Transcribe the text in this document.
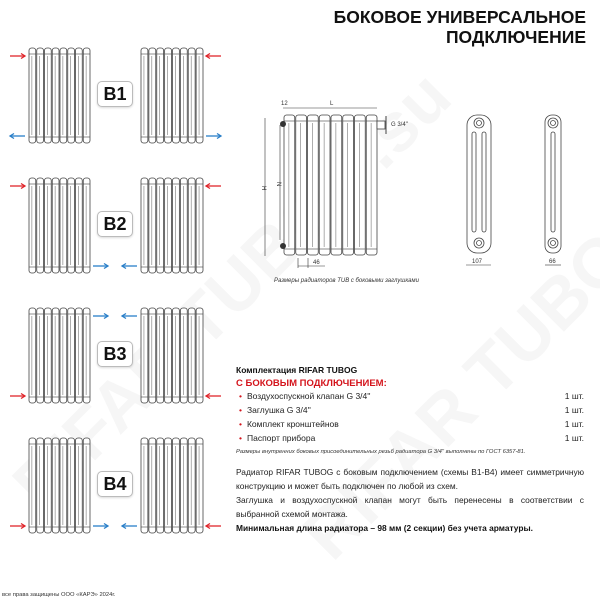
БОКОВОЕ УНИВЕРСАЛЬНОЕ
ПОДКЛЮЧЕНИЕ
B1
B2
B3
B4
12	L
H
N
46
G 3/4''
107	66
Размеры радиаторов TUB с боковыми заглушками
Комплектация RIFAR TUBOG
С БОКОВЫМ ПОДКЛЮЧЕНИЕМ:
• Воздухоспускной клапан G 3/4''	1 шт.
• Заглушка G 3/4''	1 шт.
• Комплект кронштейнов	1 шт.
• Паспорт прибора	1 шт.
Размеры внутренних боковых присоединительных резьб радиатора G 3/4'' выполнены по ГОСТ 6357-81.

Радиатор RIFAR TUBOG с боковым подключением (схемы В1-В4) имеет симметричную конструкцию и может быть подключен по любой из схем.

Заглушка и воздухоспускной клапан могут быть перенесены в соответствии с выбранной схемой монтажа.

Минимальная длина радиатора – 98 мм (2 секции) без учета арматуры.

все права защищены ООО «КАРЭ» 2024г.
